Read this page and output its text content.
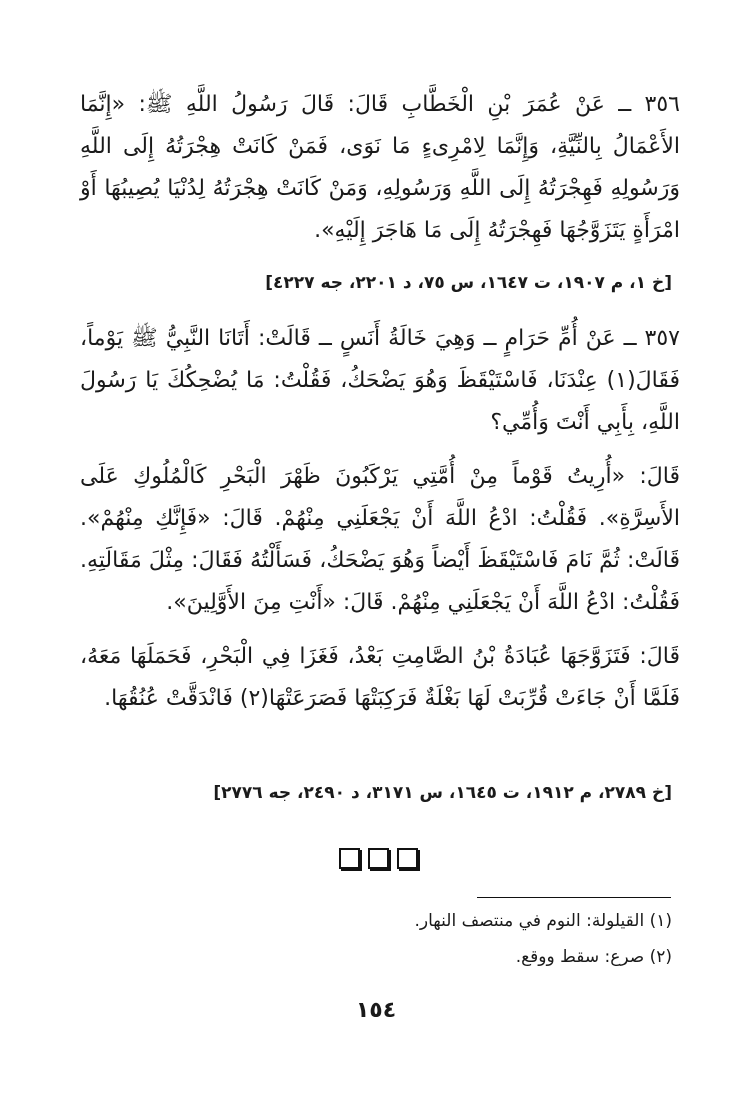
٣٥٦ ــ عَنْ عُمَرَ بْنِ الْخَطَّابِ قَالَ: قَالَ رَسُولُ اللَّهِ ﷺ: «إِنَّمَا الأَعْمَالُ بِالنِّيَّةِ، وَإِنَّمَا لِامْرِىءٍ مَا نَوَى، فَمَنْ كَانَتْ هِجْرَتُهُ إِلَى اللَّهِ وَرَسُولِهِ فَهِجْرَتُهُ إِلَى اللَّهِ وَرَسُولِهِ، وَمَنْ كَانَتْ هِجْرَتُهُ لِدُنْيَا يُصِيبُهَا أَوْ امْرَأَةٍ يَتَزَوَّجُهَا فَهِجْرَتُهُ إِلَى مَا هَاجَرَ إِلَيْهِ».
[خ ١، م ١٩٠٧، ت ١٦٤٧، س ٧٥، د ٢٢٠١، جه ٤٢٢٧]
٣٥٧ ــ عَنْ أُمِّ حَرَامٍ ــ وَهِيَ خَالَةُ أَنَسٍ ــ قَالَتْ: أَتَانَا النَّبِيُّ ﷺ يَوْماً، فَقَالَ(١) عِنْدَنَا، فَاسْتَيْقَظَ وَهُوَ يَضْحَكُ، فَقُلْتُ: مَا يُضْحِكُكَ يَا رَسُولَ اللَّهِ، بِأَبِي أَنْتَ وَأُمِّي؟
قَالَ: «أُرِيتُ قَوْماً مِنْ أُمَّتِي يَرْكَبُونَ ظَهْرَ الْبَحْرِ كَالْمُلُوكِ عَلَى الأَسِرَّةِ». فَقُلْتُ: ادْعُ اللَّهَ أَنْ يَجْعَلَنِي مِنْهُمْ. قَالَ: «فَإِنَّكِ مِنْهُمْ». قَالَتْ: ثُمَّ نَامَ فَاسْتَيْقَظَ أَيْضاً وَهُوَ يَضْحَكُ، فَسَأَلْتُهُ فَقَالَ: مِثْلَ مَقَالَتِهِ. فَقُلْتُ: ادْعُ اللَّهَ أَنْ يَجْعَلَنِي مِنْهُمْ. قَالَ: «أَنْتِ مِنَ الأَوَّلِينَ».
قَالَ: فَتَزَوَّجَهَا عُبَادَةُ بْنُ الصَّامِتِ بَعْدُ، فَغَزَا فِي الْبَحْرِ، فَحَمَلَهَا مَعَهُ، فَلَمَّا أَنْ جَاءَتْ قُرِّبَتْ لَهَا بَغْلَةٌ فَرَكِبَتْهَا فَصَرَعَتْهَا(٢) فَانْدَقَّتْ عُنُقُهَا.
[خ ٢٧٨٩، م ١٩١٢، ت ١٦٤٥، س ٣١٧١، د ٢٤٩٠، جه ٢٧٧٦]
(١) القيلولة: النوم في منتصف النهار.
(٢) صرع: سقط ووقع.
١٥٤
